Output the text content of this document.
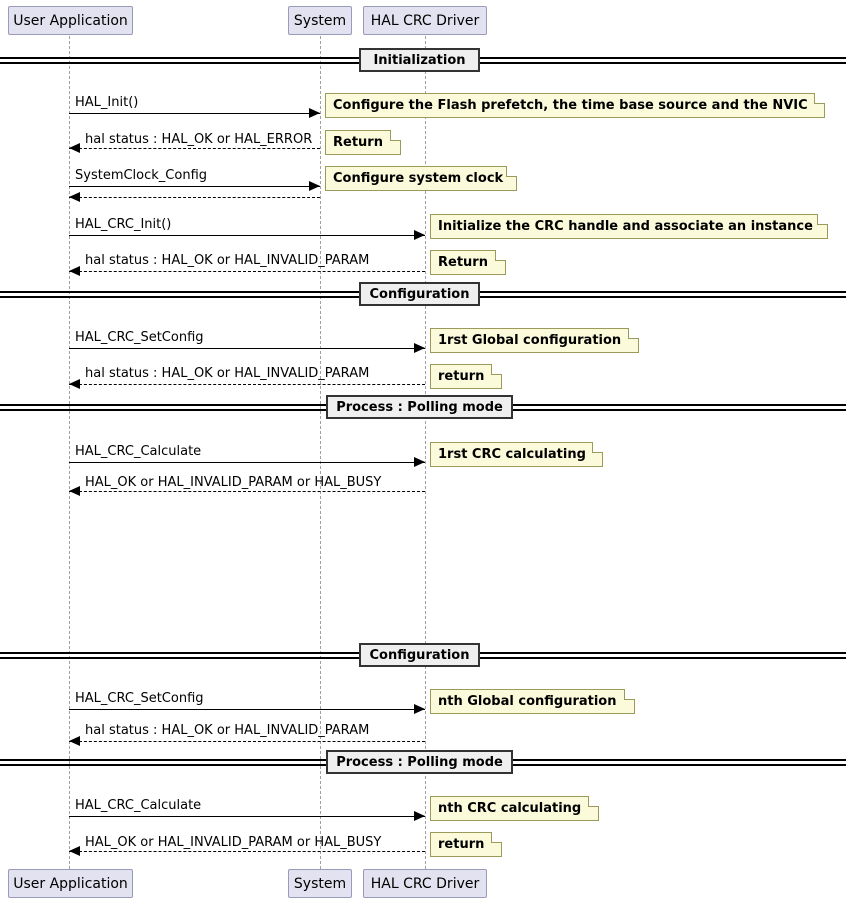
Initialization
Configuration
Process : Polling mode
Configuration
Process : Polling mode
HAL_Init()
hal status : HAL_OK or HAL_ERROR
SystemClock_Config
HAL_CRC_Init()
hal status : HAL_OK or HAL_INVALID_PARAM
HAL_CRC_SetConfig
hal status : HAL_OK or HAL_INVALID_PARAM
HAL_CRC_Calculate
HAL_OK or HAL_INVALID_PARAM or HAL_BUSY
HAL_CRC_SetConfig
hal status : HAL_OK or HAL_INVALID_PARAM
HAL_CRC_Calculate
HAL_OK or HAL_INVALID_PARAM or HAL_BUSY
Configure the Flash prefetch, the time base source and the NVIC
Return
Configure system clock
Initialize the CRC handle and associate an instance
Return
1rst Global configuration
return
1rst CRC calculating
nth Global configuration
nth CRC calculating
return
User Application	System	HAL CRC Driver
User Application	System	HAL CRC Driver
